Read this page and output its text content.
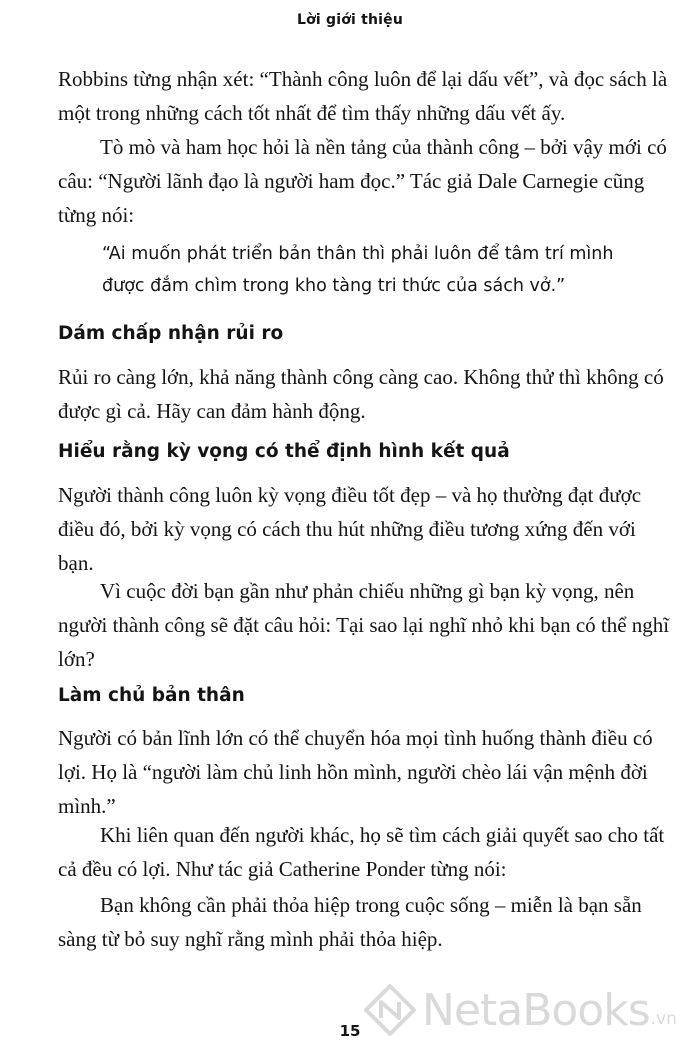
Lời giới thiệu

Robbins từng nhận xét: “Thành công luôn để lại dấu vết”, và đọc sách là một trong những cách tốt nhất để tìm thấy những dấu vết ấy.

Tò mò và ham học hỏi là nền tảng của thành công – bởi vậy mới có câu: “Người lãnh đạo là người ham đọc.” Tác giả Dale Carnegie cũng từng nói:

“Ai muốn phát triển bản thân thì phải luôn để tâm trí mình được đắm chìm trong kho tàng tri thức của sách vở.”

Dám chấp nhận rủi ro

Rủi ro càng lớn, khả năng thành công càng cao. Không thử thì không có được gì cả. Hãy can đảm hành động.

Hiểu rằng kỳ vọng có thể định hình kết quả

Người thành công luôn kỳ vọng điều tốt đẹp – và họ thường đạt được điều đó, bởi kỳ vọng có cách thu hút những điều tương xứng đến với bạn.

Vì cuộc đời bạn gần như phản chiếu những gì bạn kỳ vọng, nên người thành công sẽ đặt câu hỏi: Tại sao lại nghĩ nhỏ khi bạn có thể nghĩ lớn?

Làm chủ bản thân

Người có bản lĩnh lớn có thể chuyển hóa mọi tình huống thành điều có lợi. Họ là “người làm chủ linh hồn mình, người chèo lái vận mệnh đời mình.”

Khi liên quan đến người khác, họ sẽ tìm cách giải quyết sao cho tất cả đều có lợi. Như tác giả Catherine Ponder từng nói:

Bạn không cần phải thỏa hiệp trong cuộc sống – miễn là bạn sẵn sàng từ bỏ suy nghĩ rằng mình phải thỏa hiệp.

15	NetaBooks .vn
